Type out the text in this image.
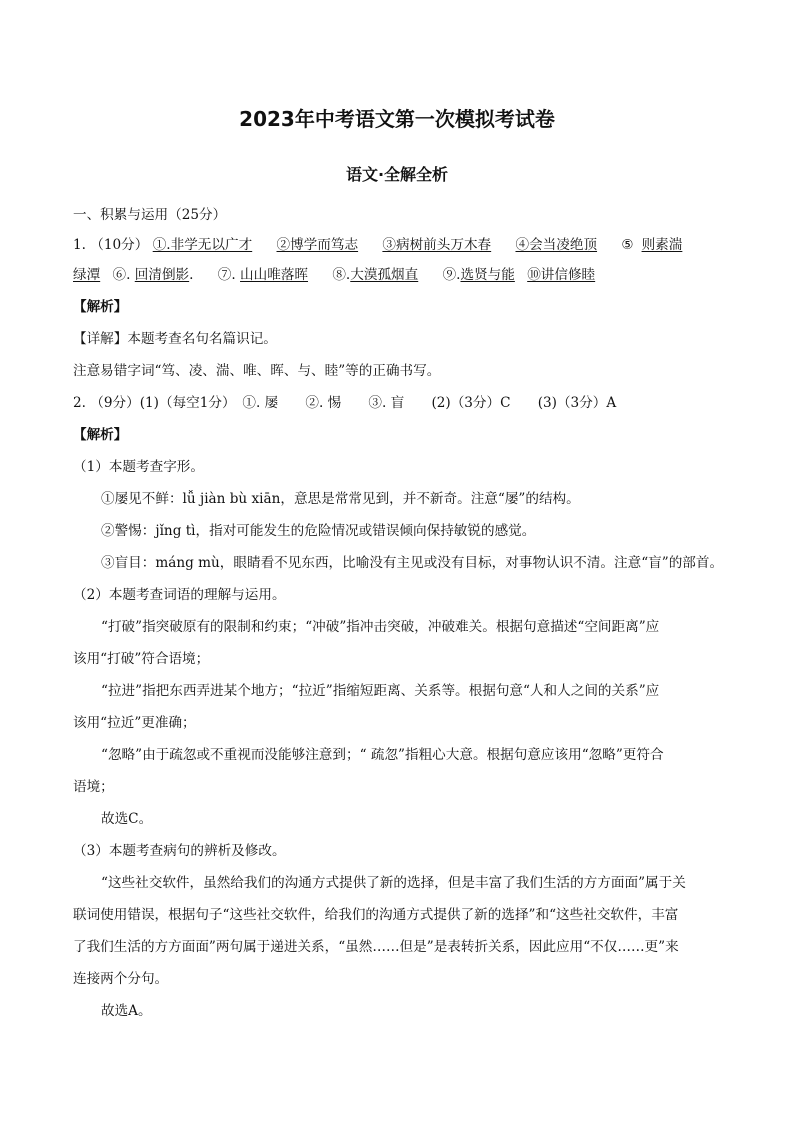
2023年中考语文第一次模拟考试卷
语文·全解全析
一、积累与运用（25分）
1. （10分） ①.非学无以广才 ②博学而笃志 ③病树前头万木春 ④会当凌绝顶 ⑤ 则素湍
绿潭 ⑥. 回清倒影. ⑦. 山山唯落晖 ⑧.大漠孤烟直 ⑨.选贤与能 ⑩讲信修睦
【解析】
【详解】本题考查名句名篇识记。
注意易错字词“笃、凌、湍、唯、晖、与、睦”等的正确书写。
2. （9分）(1)（每空1分）　①. 屡　　②. 惕　　③. 盲　　(2)（3分）C　　(3)（3分）A
【解析】
（1）本题考查字形。
①屡见不鲜：lǚ jiàn bù xiān，意思是常常见到，并不新奇。注意“屡”的结构。
②警惕：jǐng tì，指对可能发生的危险情况或错误倾向保持敏锐的感觉。
③盲目：máng mù，眼睛看不见东西，比喻没有主见或没有目标，对事物认识不清。注意“盲”的部首。
（2）本题考查词语的理解与运用。
“打破”指突破原有的限制和约束；“冲破”指冲击突破，冲破难关。根据句意描述“空间距离”应
该用“打破”符合语境；
“拉进”指把东西弄进某个地方；“拉近”指缩短距离、关系等。根据句意“人和人之间的关系”应
该用“拉近”更准确；
“忽略”由于疏忽或不重视而没能够注意到；“ 疏忽”指粗心大意。根据句意应该用“忽略”更符合
语境；
故选C。
（3）本题考查病句的辨析及修改。
“这些社交软件，虽然给我们的沟通方式提供了新的选择，但是丰富了我们生活的方方面面”属于关
联词使用错误，根据句子“这些社交软件，给我们的沟通方式提供了新的选择”和“这些社交软件，丰富
了我们生活的方方面面”两句属于递进关系，“虽然……但是”是表转折关系，因此应用“不仅……更”来
连接两个分句。
故选A。
